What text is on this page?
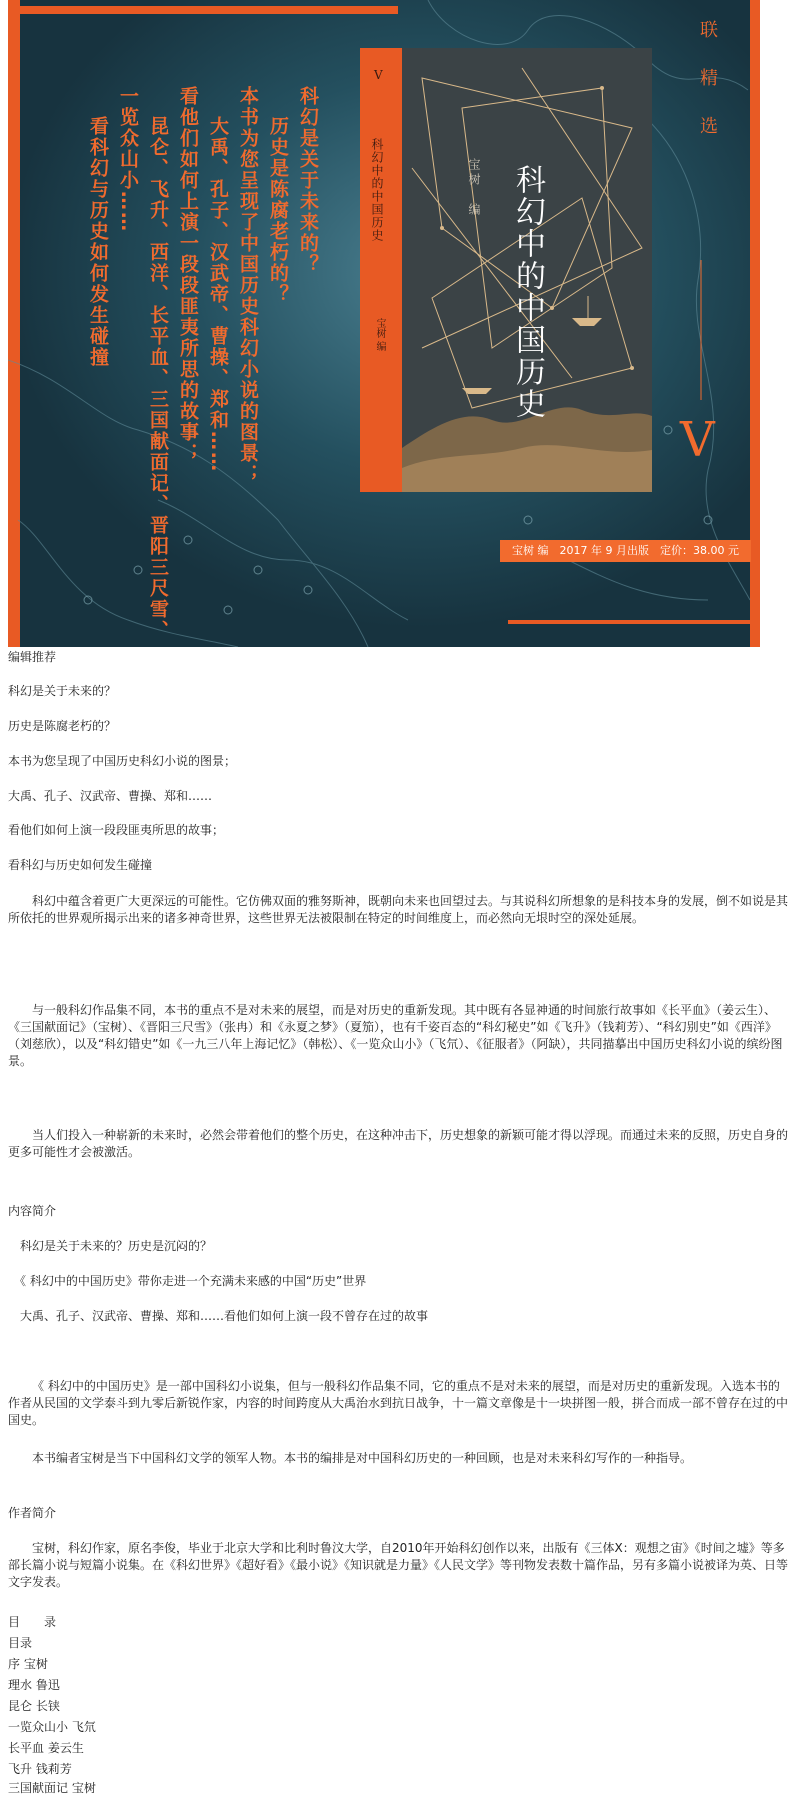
科幻是关于未来的？
历史是陈腐老朽的？
本书为您呈现了中国历史科幻小说的图景；
大禹、孔子、汉武帝、曹操、郑和……
看他们如何上演一段段匪夷所思的故事；
昆仑、飞升、西洋、长平血、三国献面记、晋阳三尺雪、
一览众山小……
看科幻与历史如何发生碰撞
联精选
V
V
科幻中的中国历史
宝树 编
宝树　编 科幻中的中国历史
宝树 编　2017 年 9 月出版　定价：38.00 元

编辑推荐

科幻是关于未来的？

历史是陈腐老朽的？

本书为您呈现了中国历史科幻小说的图景；

大禹、孔子、汉武帝、曹操、郑和……

看他们如何上演一段段匪夷所思的故事；

看科幻与历史如何发生碰撞

科幻中蕴含着更广大更深远的可能性。它仿佛双面的雅努斯神，既朝向未来也回望过去。与其说科幻所想象的是科技本身的发展，倒不如说是其所依托的世界观所揭示出来的诸多神奇世界，这些世界无法被限制在特定的时间维度上，而必然向无垠时空的深处延展。

与一般科幻作品集不同，本书的重点不是对未来的展望，而是对历史的重新发现。其中既有各显神通的时间旅行故事如《长平血》（姜云生）、《三国献面记》（宝树）、《晋阳三尺雪》（张冉）和《永夏之梦》（夏笳），也有千姿百态的“科幻秘史”如《飞升》（钱莉芳）、“科幻别史”如《西洋》（刘慈欣），以及“科幻错史”如《一九三八年上海记忆》（韩松）、《一览众山小》（飞氘）、《征服者》（阿缺），共同描摹出中国历史科幻小说的缤纷图景。

当人们投入一种崭新的未来时，必然会带着他们的整个历史，在这种冲击下，历史想象的新颖可能才得以浮现。而通过未来的反照，历史自身的更多可能性才会被激活。

内容简介

科幻是关于未来的？历史是沉闷的？

《 科幻中的中国历史》带你走进一个充满未来感的中国“历史”世界

大禹、孔子、汉武帝、曹操、郑和……看他们如何上演一段不曾存在过的故事

《 科幻中的中国历史》是一部中国科幻小说集，但与一般科幻作品集不同，它的重点不是对未来的展望，而是对历史的重新发现。入选本书的作者从民国的文学泰斗到九零后新锐作家，内容的时间跨度从大禹治水到抗日战争，十一篇文章像是十一块拼图一般，拼合而成一部不曾存在过的中国史。

本书编者宝树是当下中国科幻文学的领军人物。本书的编排是对中国科幻历史的一种回顾，也是对未来科幻写作的一种指导。

作者简介

宝树，科幻作家，原名李俊，毕业于北京大学和比利时鲁汶大学，自2010年开始科幻创作以来，出版有《三体X：观想之宙》《时间之墟》等多部长篇小说与短篇小说集。在《科幻世界》《超好看》《最小说》《知识就是力量》《人民文学》等刊物发表数十篇作品，另有多篇小说被译为英、日等文字发表。

目　　录

目录

序 宝树

理水 鲁迅

昆仑 长铗

一览众山小 飞氘

长平血 姜云生

飞升 钱莉芳

三国献面记 宝树
